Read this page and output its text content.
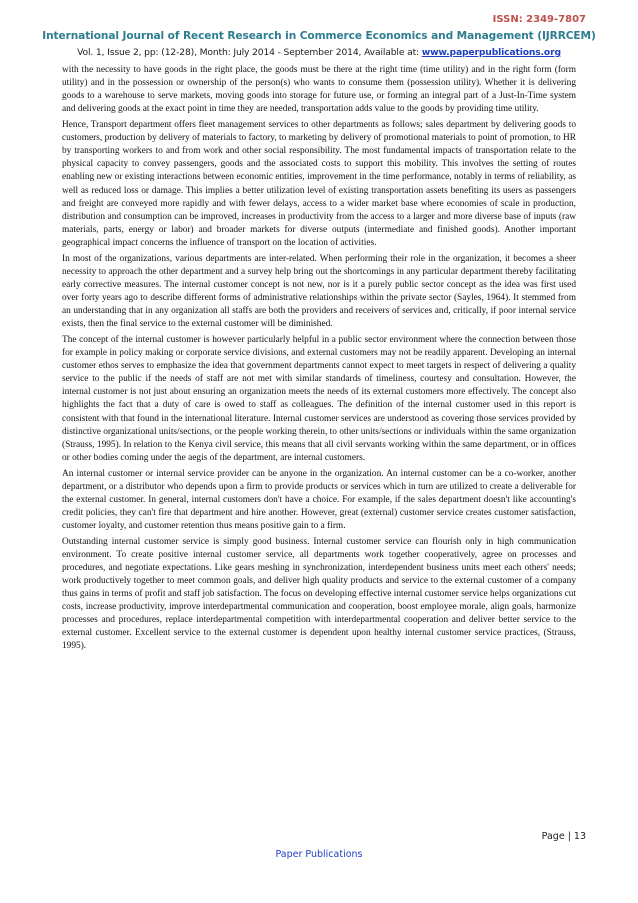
ISSN: 2349-7807
International Journal of Recent Research in Commerce Economics and Management (IJRRCEM)
Vol. 1, Issue 2, pp: (12-28), Month: July 2014 - September 2014, Available at: www.paperpublications.org

with the necessity to have goods in the right place, the goods must be there at the right time (time utility) and in the right form (form utility) and in the possession or ownership of the person(s) who wants to consume them (possession utility). Whether it is delivering goods to a warehouse to serve markets, moving goods into storage for future use, or forming an integral part of a Just-In-Time system and delivering goods at the exact point in time they are needed, transportation adds value to the goods by providing time utility.

Hence, Transport department offers fleet management services to other departments as follows; sales department by delivering goods to customers, production by delivery of materials to factory, to marketing by delivery of promotional materials to point of promotion, to HR by transporting workers to and from work and other social responsibility. The most fundamental impacts of transportation relate to the physical capacity to convey passengers, goods and the associated costs to support this mobility. This involves the setting of routes enabling new or existing interactions between economic entities, improvement in the time performance, notably in terms of reliability, as well as reduced loss or damage. This implies a better utilization level of existing transportation assets benefiting its users as passengers and freight are conveyed more rapidly and with fewer delays, access to a wider market base where economies of scale in production, distribution and consumption can be improved, increases in productivity from the access to a larger and more diverse base of inputs (raw materials, parts, energy or labor) and broader markets for diverse outputs (intermediate and finished goods). Another important geographical impact concerns the influence of transport on the location of activities.

In most of the organizations, various departments are inter-related. When performing their role in the organization, it becomes a sheer necessity to approach the other department and a survey help bring out the shortcomings in any particular department thereby facilitating early corrective measures. The internal customer concept is not new, nor is it a purely public sector concept as the idea was first used over forty years ago to describe different forms of administrative relationships within the private sector (Sayles, 1964). It stemmed from an understanding that in any organization all staffs are both the providers and receivers of services and, critically, if poor internal service exists, then the final service to the external customer will be diminished.

The concept of the internal customer is however particularly helpful in a public sector environment where the connection between those for example in policy making or corporate service divisions, and external customers may not be readily apparent. Developing an internal customer ethos serves to emphasize the idea that government departments cannot expect to meet targets in respect of delivering a quality service to the public if the needs of staff are not met with similar standards of timeliness, courtesy and consultation. However, the internal customer is not just about ensuring an organization meets the needs of its external customers more effectively. The concept also highlights the fact that a duty of care is owed to staff as colleagues. The definition of the internal customer used in this report is consistent with that found in the international literature. Internal customer services are understood as covering those services provided by distinctive organizational units/sections, or the people working therein, to other units/sections or individuals within the same organization (Strauss, 1995). In relation to the Kenya civil service, this means that all civil servants working within the same department, or in offices or other bodies coming under the aegis of the department, are internal customers.

An internal customer or internal service provider can be anyone in the organization. An internal customer can be a co-worker, another department, or a distributor who depends upon a firm to provide products or services which in turn are utilized to create a deliverable for the external customer. In general, internal customers don't have a choice. For example, if the sales department doesn't like accounting's credit policies, they can't fire that department and hire another. However, great (external) customer service creates customer satisfaction, customer loyalty, and customer retention thus means positive gain to a firm.

Outstanding internal customer service is simply good business. Internal customer service can flourish only in high communication environment. To create positive internal customer service, all departments work together cooperatively, agree on processes and procedures, and negotiate expectations. Like gears meshing in synchronization, interdependent business units meet each others' needs; work productively together to meet common goals, and deliver high quality products and service to the external customer of a company thus gains in terms of profit and staff job satisfaction. The focus on developing effective internal customer service helps organizations cut costs, increase productivity, improve interdepartmental communication and cooperation, boost employee morale, align goals, harmonize processes and procedures, replace interdepartmental competition with interdepartmental cooperation and deliver better service to the external customer. Excellent service to the external customer is dependent upon healthy internal customer service practices, (Strauss, 1995).

Page | 13
Paper Publications
